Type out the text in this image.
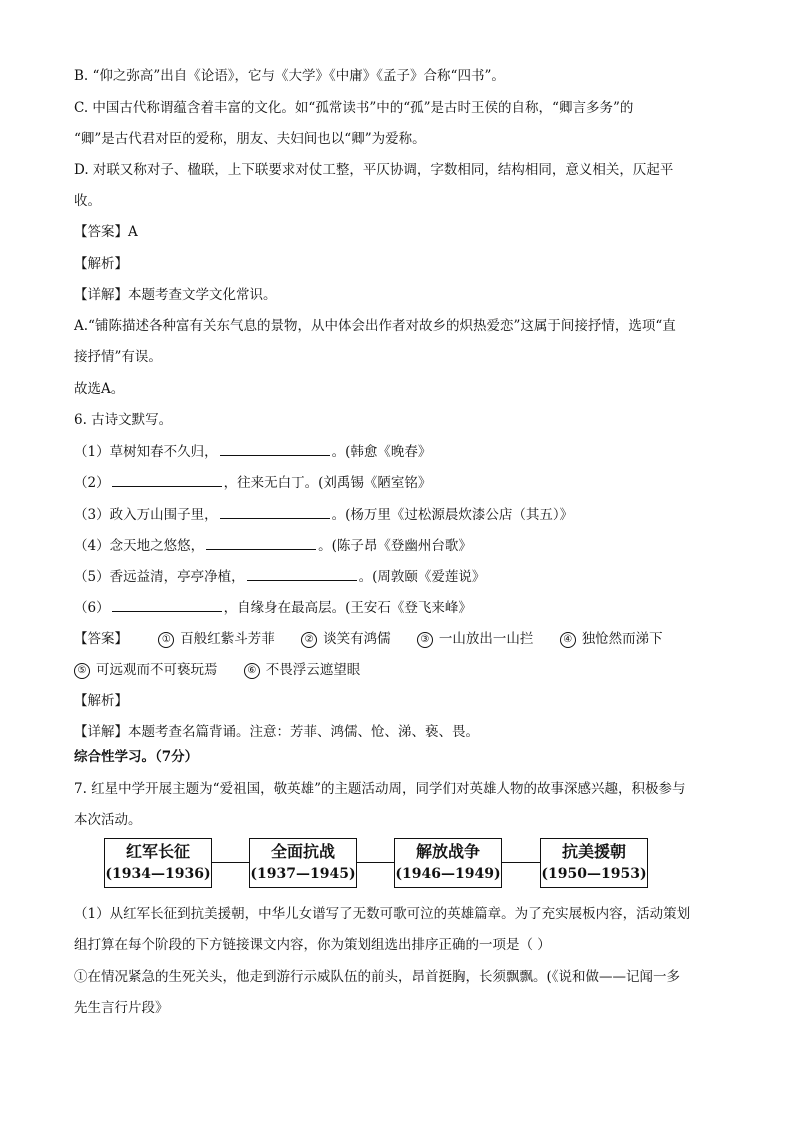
B. “仰之弥高”出自《论语》，它与《大学》《中庸》《孟子》合称“四书”。
C. 中国古代称谓蕴含着丰富的文化。如“孤常读书”中的“孤”是古时王侯的自称，“卿言多务”的
“卿”是古代君对臣的爱称，朋友、夫妇间也以“卿”为爱称。
D. 对联又称对子、楹联，上下联要求对仗工整，平仄协调，字数相同，结构相同，意义相关，仄起平
收。
【答案】A
【解析】
【详解】本题考查文学文化常识。
A.“铺陈描述各种富有关东气息的景物，从中体会出作者对故乡的炽热爱恋”这属于间接抒情，选项“直
接抒情”有误。
故选A。
6. 古诗文默写。
（1）草树知春不久归，	。(韩愈《晚春》
（2）	，往来无白丁。(刘禹锡《陋室铭》
（3）政入万山围子里，	。(杨万里《过松源晨炊漆公店（其五）》
（4）念天地之悠悠，	。(陈子昂《登幽州台歌》
（5）香远益清，亭亭净植，	。(周敦颐《爱莲说》
（6）	，自缘身在最高层。(王安石《登飞来峰》
【答案】	① 百般红紫斗芳菲	② 谈笑有鸿儒	③ 一山放出一山拦	④ 独怆然而涕下
⑤ 可远观而不可亵玩焉	⑥ 不畏浮云遮望眼
【解析】
【详解】本题考查名篇背诵。注意：芳菲、鸿儒、怆、涕、亵、畏。
综合性学习。（7分）
7. 红星中学开展主题为“爱祖国，敬英雄”的主题活动周，同学们对英雄人物的故事深感兴趣，积极参与
本次活动。
红军长征
(1934—1936)
全面抗战
(1937—1945)
解放战争
(1946—1949)
抗美援朝
(1950—1953)
（1）从红军长征到抗美援朝，中华儿女谱写了无数可歌可泣的英雄篇章。为了充实展板内容，活动策划
组打算在每个阶段的下方链接课文内容，你为策划组选出排序正确的一项是（ ）
①在情况紧急的生死关头，他走到游行示威队伍的前头，昂首挺胸，长须飘飘。(《说和做——记闻一多
先生言行片段》
